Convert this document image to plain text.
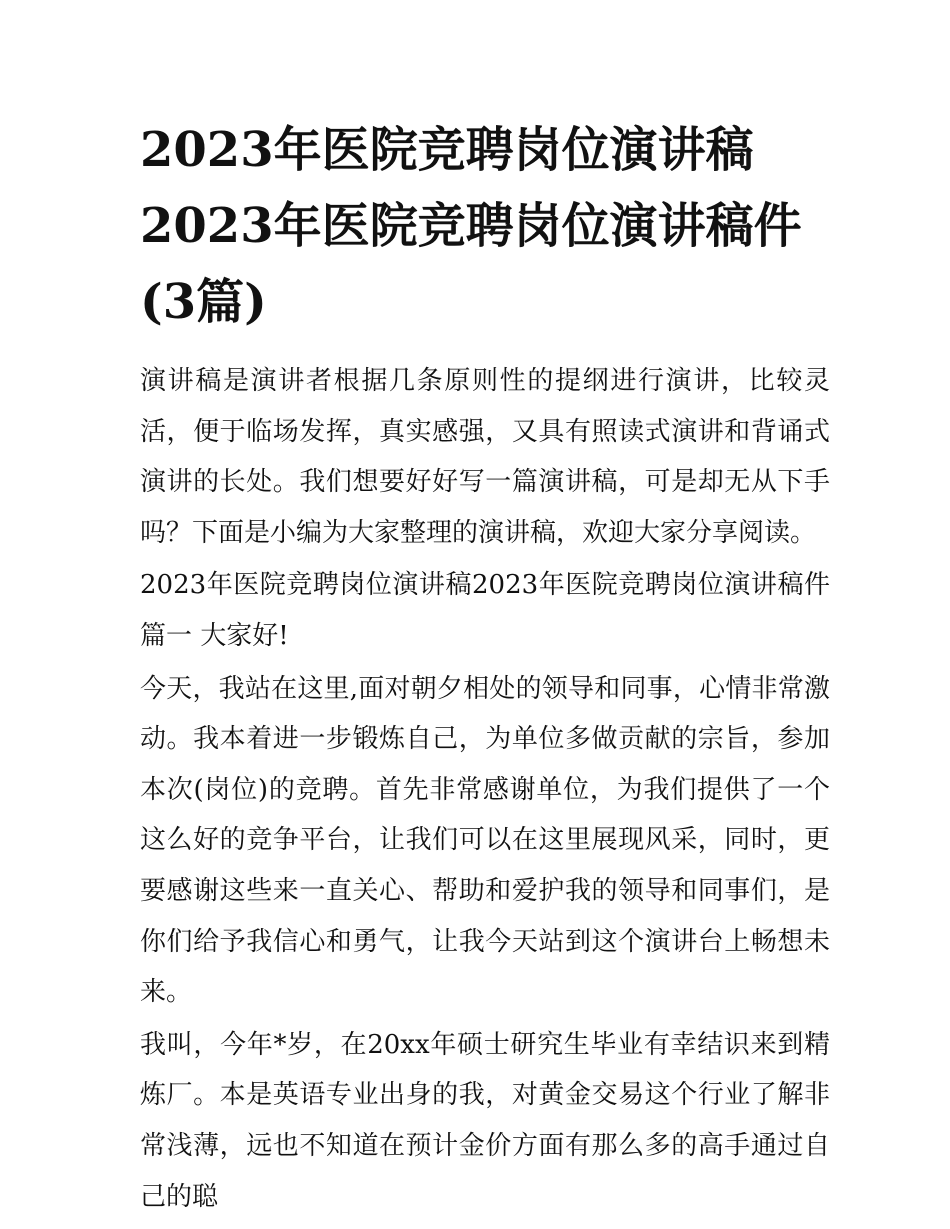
2023年医院竞聘岗位演讲稿
2023年医院竞聘岗位演讲稿件
(3篇)

演讲稿是演讲者根据几条原则性的提纲进行演讲，比较灵活，便于临场发挥，真实感强，又具有照读式演讲和背诵式演讲的长处。我们想要好好写一篇演讲稿，可是却无从下手吗？下面是小编为大家整理的演讲稿，欢迎大家分享阅读。

2023年医院竞聘岗位演讲稿2023年医院竞聘岗位演讲稿件篇一 大家好!

今天，我站在这里,面对朝夕相处的领导和同事，心情非常激动。我本着进一步锻炼自己，为单位多做贡献的宗旨，参加本次(岗位)的竞聘。首先非常感谢单位，为我们提供了一个这么好的竞争平台，让我们可以在这里展现风采，同时，更要感谢这些来一直关心、帮助和爱护我的领导和同事们，是你们给予我信心和勇气，让我今天站到这个演讲台上畅想未来。

我叫，今年*岁，在20xx年硕士研究生毕业有幸结识来到精炼厂。本是英语专业出身的我，对黄金交易这个行业了解非常浅薄，远也不知道在预计金价方面有那么多的高手通过自己的聪
